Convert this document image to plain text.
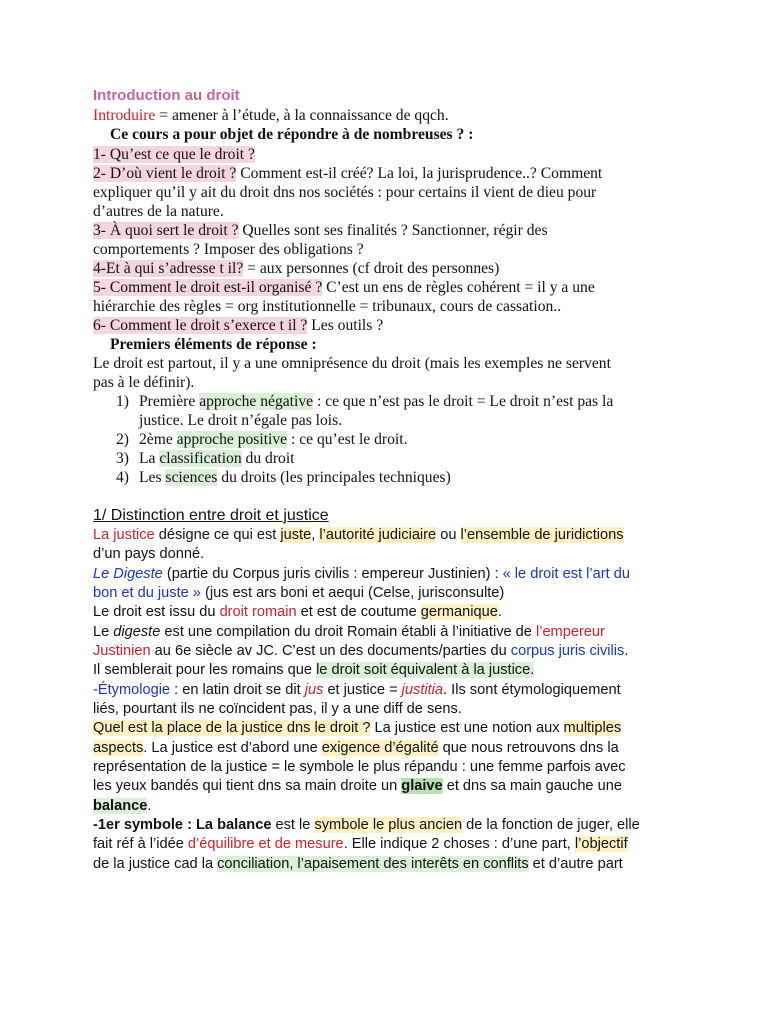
Introduction au droit
Introduire = amener à l’étude, à la connaissance de qqch.
Ce cours a pour objet de répondre à de nombreuses ? :
1- Qu’est ce que le droit ?
2- D’où vient le droit ? Comment est-il créé? La loi, la jurisprudence..? Comment
expliquer qu’il y ait du droit dns nos sociétés : pour certains il vient de dieu pour
d’autres de la nature.
3- À quoi sert le droit ? Quelles sont ses finalités ? Sanctionner, régir des
comportements ? Imposer des obligations ?
4-Et à qui s’adresse t il? = aux personnes (cf droit des personnes)
5- Comment le droit est-il organisé ? C’est un ens de règles cohérent = il y a une
hiérarchie des règles = org institutionnelle = tribunaux, cours de cassation..
6- Comment le droit s’exerce t il ? Les outils ?
Premiers éléments de réponse :
Le droit est partout, il y a une omniprésence du droit (mais les exemples ne servent
pas à le définir).
1) Première approche négative : ce que n’est pas le droit = Le droit n’est pas la
justice. Le droit n’égale pas lois.
2) 2ème approche positive : ce qu’est le droit.
3) La classification du droit
4) Les sciences du droits (les principales techniques)
1/ Distinction entre droit et justice
La justice désigne ce qui est juste, l’autorité judiciaire ou l’ensemble de juridictions
d’un pays donné.
Le Digeste (partie du Corpus juris civilis : empereur Justinien) : « le droit est l’art du
bon et du juste » (jus est ars boni et aequi (Celse, jurisconsulte)
Le droit est issu du droit romain et est de coutume germanique.
Le digeste est une compilation du droit Romain établi à l’initiative de l’empereur
Justinien au 6e siècle av JC. C’est un des documents/parties du corpus juris civilis.
Il semblerait pour les romains que le droit soit équivalent à la justice.
-Étymologie : en latin droit se dit jus et justice = justitia. Ils sont étymologiquement
liés, pourtant ils ne coïncident pas, il y a une diff de sens.
Quel est la place de la justice dns le droit ? La justice est une notion aux multiples
aspects. La justice est d’abord une exigence d’égalité que nous retrouvons dns la
représentation de la justice = le symbole le plus répandu : une femme parfois avec
les yeux bandés qui tient dns sa main droite un glaive et dns sa main gauche une
balance.
-1er symbole : La balance est le symbole le plus ancien de la fonction de juger, elle
fait réf à l’idée d’équilibre et de mesure. Elle indique 2 choses : d’une part, l’objectif
de la justice cad la conciliation, l’apaisement des interêts en conflits et d’autre part
